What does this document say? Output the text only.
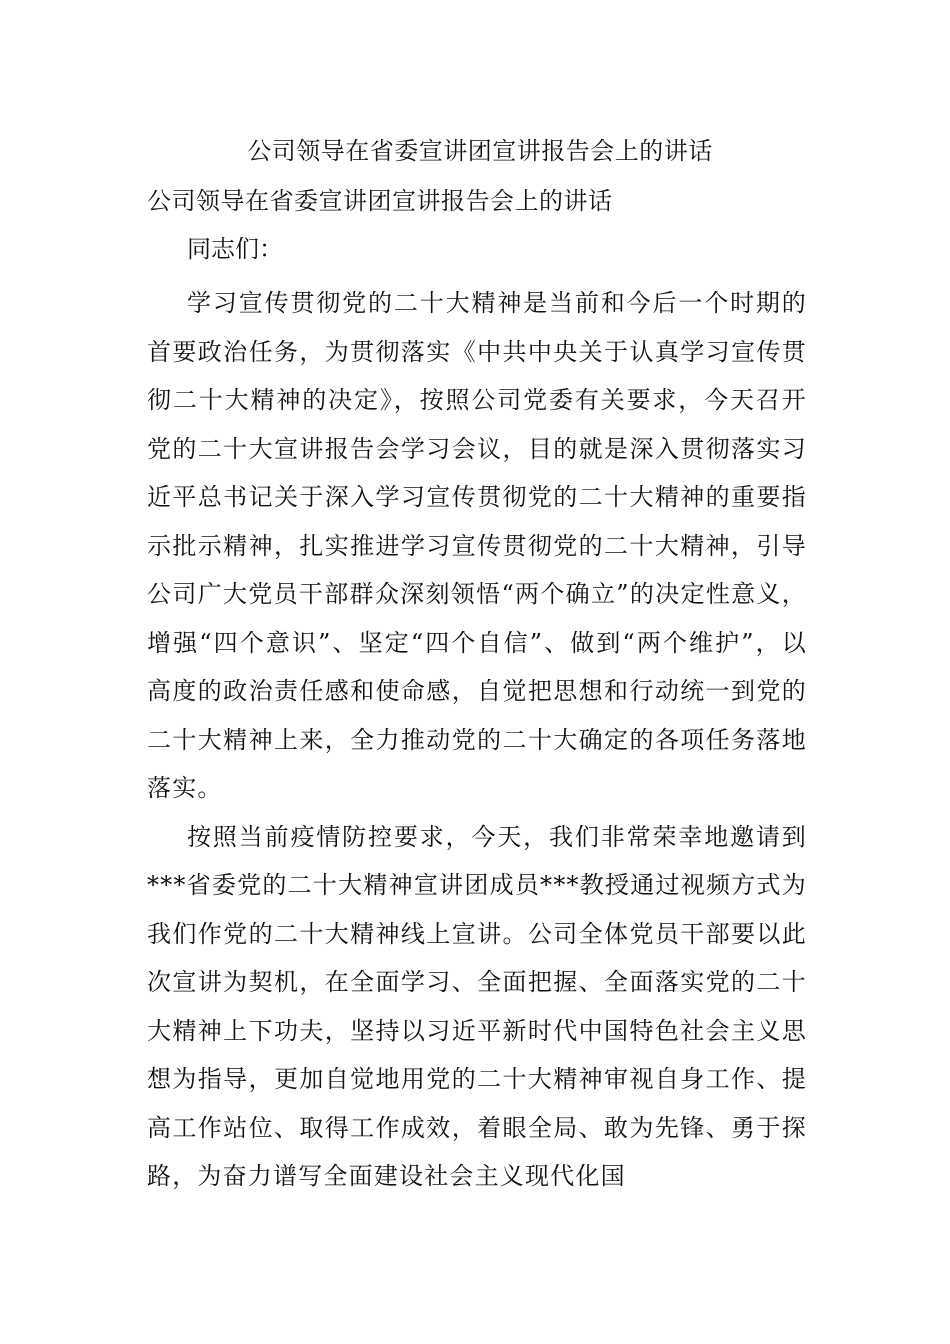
公司领导在省委宣讲团宣讲报告会上的讲话

公司领导在省委宣讲团宣讲报告会上的讲话

同志们：

学习宣传贯彻党的二十大精神是当前和今后一个时期的首要政治任务，为贯彻落实《中共中央关于认真学习宣传贯彻二十大精神的决定》，按照公司党委有关要求，今天召开党的二十大宣讲报告会学习会议，目的就是深入贯彻落实习近平总书记关于深入学习宣传贯彻党的二十大精神的重要指示批示精神，扎实推进学习宣传贯彻党的二十大精神，引导公司广大党员干部群众深刻领悟“两个确立”的决定性意义，增强“四个意识”、坚定“四个自信”、做到“两个维护”，以高度的政治责任感和使命感，自觉把思想和行动统一到党的二十大精神上来，全力推动党的二十大确定的各项任务落地落实。

按照当前疫情防控要求，今天，我们非常荣幸地邀请到***省委党的二十大精神宣讲团成员***教授通过视频方式为我们作党的二十大精神线上宣讲。公司全体党员干部要以此次宣讲为契机，在全面学习、全面把握、全面落实党的二十大精神上下功夫，坚持以习近平新时代中国特色社会主义思想为指导，更加自觉地用党的二十大精神审视自身工作、提高工作站位、取得工作成效，着眼全局、敢为先锋、勇于探路，为奋力谱写全面建设社会主义现代化国
